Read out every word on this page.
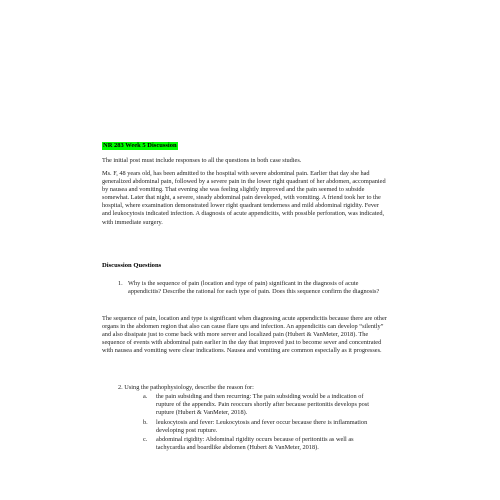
NR 283 Week 5 Discussion

The initial post must include responses to all the questions in both case studies.

Ms. F, 48 years old, has been admitted to the hospital with severe abdominal pain. Earlier that day she had generalized abdominal pain, followed by a severe pain in the lower right quadrant of her abdomen, accompanied by nausea and vomiting. That evening she was feeling slightly improved and the pain seemed to subside somewhat. Later that night, a severe, steady abdominal pain developed, with vomiting. A friend took her to the hospital, where examination demonstrated lower right quadrant tenderness and mild abdominal rigidity. Fever and leukocytosis indicated infection. A diagnosis of acute appendicitis, with possible perforation, was indicated, with immediate surgery.

Discussion Questions
1. Why is the sequence of pain (location and type of pain) significant in the diagnosis of acute appendicitis? Describe the rational for each type of pain. Does this sequence confirm the diagnosis?

The sequence of pain, location and type is significant when diagnosing acute appendicitis because there are other organs in the abdomen region that also can cause flare ups and infection. An appendicitis can develop “silently” and also dissipate just to come back with more server and localized pain (Hubert & VanMeter, 2018). The sequence of events with abdominal pain earlier in the day that improved just to become sever and concentrated with nausea and vomiting were clear indications. Nausea and vomiting are common especially as it progresses.

2. Using the pathophysiology, describe the reason for:

a. the pain subsiding and then recurring: The pain subsiding would be a indication of rupture of the appendix. Pain reoccurs shortly after because peritonitis develops post rupture (Hubert & VanMeter, 2018).
b. leukocytosis and fever: Leukocytosis and fever occur because there is inflammation developing post rupture.
c. abdominal rigidity: Abdominal rigidity occurs because of peritonitis as well as tachycardia and boardlike abdomen (Hubert & VanMeter, 2018).
